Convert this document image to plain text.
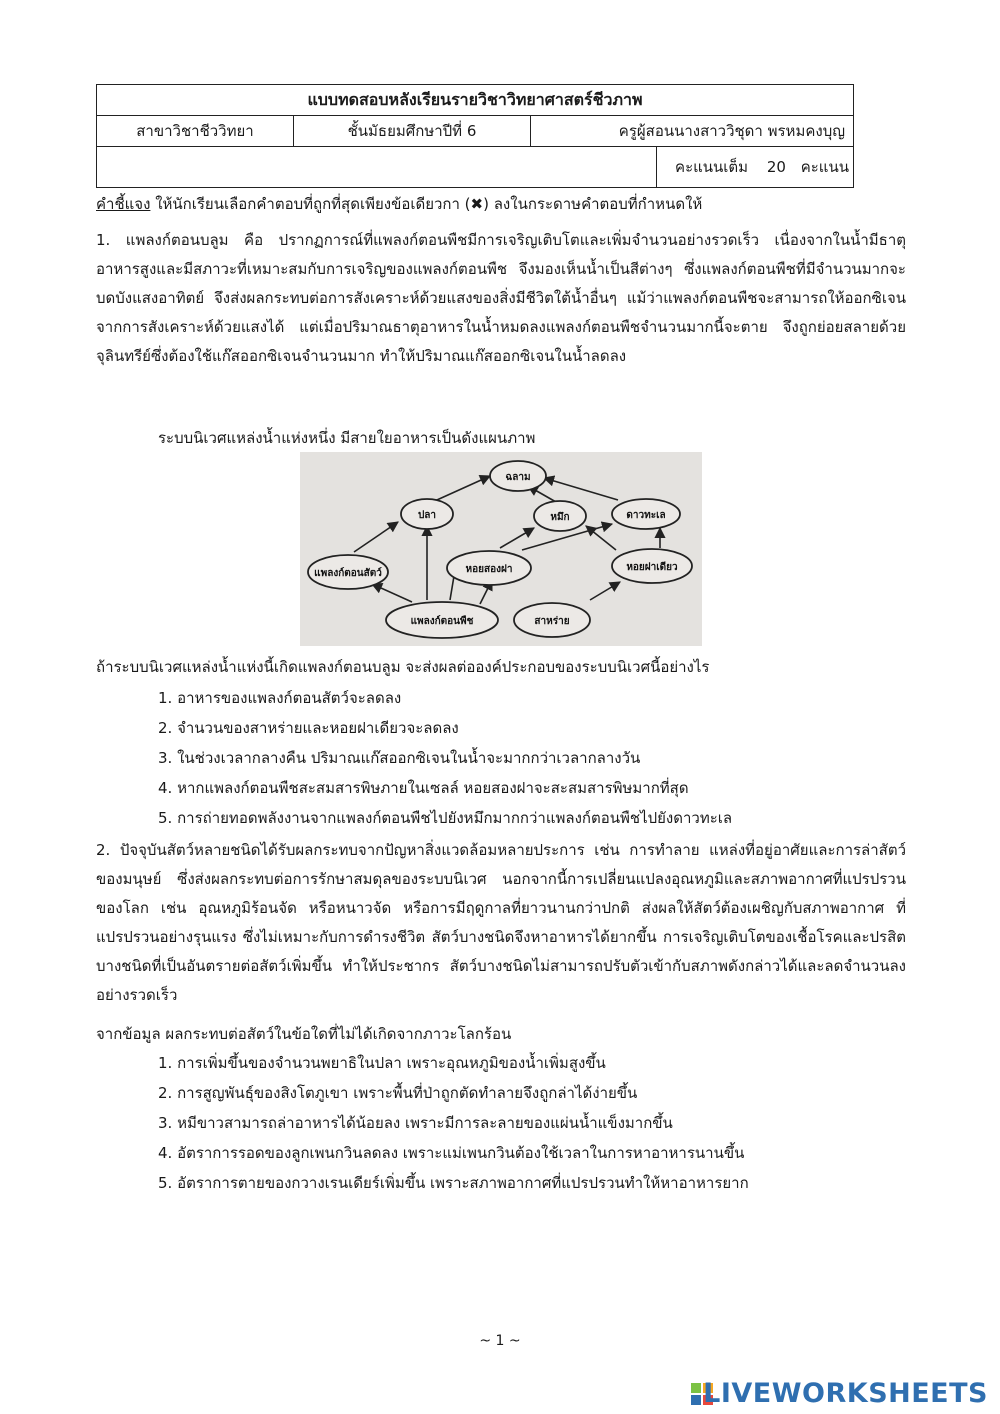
แบบทดสอบหลังเรียนรายวิชาวิทยาศาสตร์ชีวภาพ
สาขาวิชาชีววิทยา	ชั้นมัธยมศึกษาปีที่ 6	ครูผู้สอนนางสาววิชุดา พรหมคงบุญ
คะแนนเต็ม 20 คะแนน
คำชี้แจง ให้นักเรียนเลือกคำตอบที่ถูกที่สุดเพียงข้อเดียวกา (✖) ลงในกระดาษคำตอบที่กำหนดให้
1. แพลงก์ตอนบลูม คือ ปรากฏการณ์ที่แพลงก์ตอนพืชมีการเจริญเติบโตและเพิ่มจำนวนอย่างรวดเร็ว เนื่องจากในน้ำมีธาตุอาหารสูงและมีสภาวะที่เหมาะสมกับการเจริญของแพลงก์ตอนพืช จึงมองเห็นน้ำเป็นสีต่างๆ ซึ่งแพลงก์ตอนพืชที่มีจำนวนมากจะบดบังแสงอาทิตย์ จึงส่งผลกระทบต่อการสังเคราะห์ด้วยแสงของสิ่งมีชีวิตใต้น้ำอื่นๆ แม้ว่าแพลงก์ตอนพืชจะสามารถให้ออกซิเจนจากการสังเคราะห์ด้วยแสงได้ แต่เมื่อปริมาณธาตุอาหารในน้ำหมดลงแพลงก์ตอนพืชจำนวนมากนี้จะตาย จึงถูกย่อยสลายด้วยจุลินทรีย์ซึ่งต้องใช้แก๊สออกซิเจนจำนวนมาก ทำให้ปริมาณแก๊สออกซิเจนในน้ำลดลง
ระบบนิเวศแหล่งน้ำแห่งหนึ่ง มีสายใยอาหารเป็นดังแผนภาพ
ฉลาม
ปลา	หมึก	ดาวทะเล
แพลงก์ตอนสัตว์	หอยสองฝา	หอยฝาเดียว
แพลงก์ตอนพืช	สาหร่าย
ถ้าระบบนิเวศแหล่งน้ำแห่งนี้เกิดแพลงก์ตอนบลูม จะส่งผลต่อองค์ประกอบของระบบนิเวศนี้อย่างไร
1. อาหารของแพลงก์ตอนสัตว์จะลดลง
2. จำนวนของสาหร่ายและหอยฝาเดียวจะลดลง
3. ในช่วงเวลากลางคืน ปริมาณแก๊สออกซิเจนในน้ำจะมากกว่าเวลากลางวัน
4. หากแพลงก์ตอนพืชสะสมสารพิษภายในเซลล์ หอยสองฝาจะสะสมสารพิษมากที่สุด
5. การถ่ายทอดพลังงานจากแพลงก์ตอนพืชไปยังหมึกมากกว่าแพลงก์ตอนพืชไปยังดาวทะเล
2. ปัจจุบันสัตว์หลายชนิดได้รับผลกระทบจากปัญหาสิ่งแวดล้อมหลายประการ เช่น การทำลาย แหล่งที่อยู่อาศัยและการล่าสัตว์ของมนุษย์ ซึ่งส่งผลกระทบต่อการรักษาสมดุลของระบบนิเวศ นอกจากนี้การเปลี่ยนแปลงอุณหภูมิและสภาพอากาศที่แปรปรวนของโลก เช่น อุณหภูมิร้อนจัด หรือหนาวจัด หรือการมีฤดูกาลที่ยาวนานกว่าปกติ ส่งผลให้สัตว์ต้องเผชิญกับสภาพอากาศ ที่แปรปรวนอย่างรุนแรง ซึ่งไม่เหมาะกับการดำรงชีวิต สัตว์บางชนิดจึงหาอาหารได้ยากขึ้น การเจริญเติบโตของเชื้อโรคและปรสิตบางชนิดที่เป็นอันตรายต่อสัตว์เพิ่มขึ้น ทำให้ประชากร สัตว์บางชนิดไม่สามารถปรับตัวเข้ากับสภาพดังกล่าวได้และลดจำนวนลงอย่างรวดเร็ว
จากข้อมูล ผลกระทบต่อสัตว์ในข้อใดที่ไม่ได้เกิดจากภาวะโลกร้อน
1. การเพิ่มขึ้นของจำนวนพยาธิในปลา เพราะอุณหภูมิของน้ำเพิ่มสูงขึ้น
2. การสูญพันธุ์ของสิงโตภูเขา เพราะพื้นที่ป่าถูกตัดทำลายจึงถูกล่าได้ง่ายขึ้น
3. หมีขาวสามารถล่าอาหารได้น้อยลง เพราะมีการละลายของแผ่นน้ำแข็งมากขึ้น
4. อัตราการรอดของลูกเพนกวินลดลง เพราะแม่เพนกวินต้องใช้เวลาในการหาอาหารนานขึ้น
5. อัตราการตายของกวางเรนเดียร์เพิ่มขึ้น เพราะสภาพอากาศที่แปรปรวนทำให้หาอาหารยาก
~ 1 ~
LIVEWORKSHEETS
